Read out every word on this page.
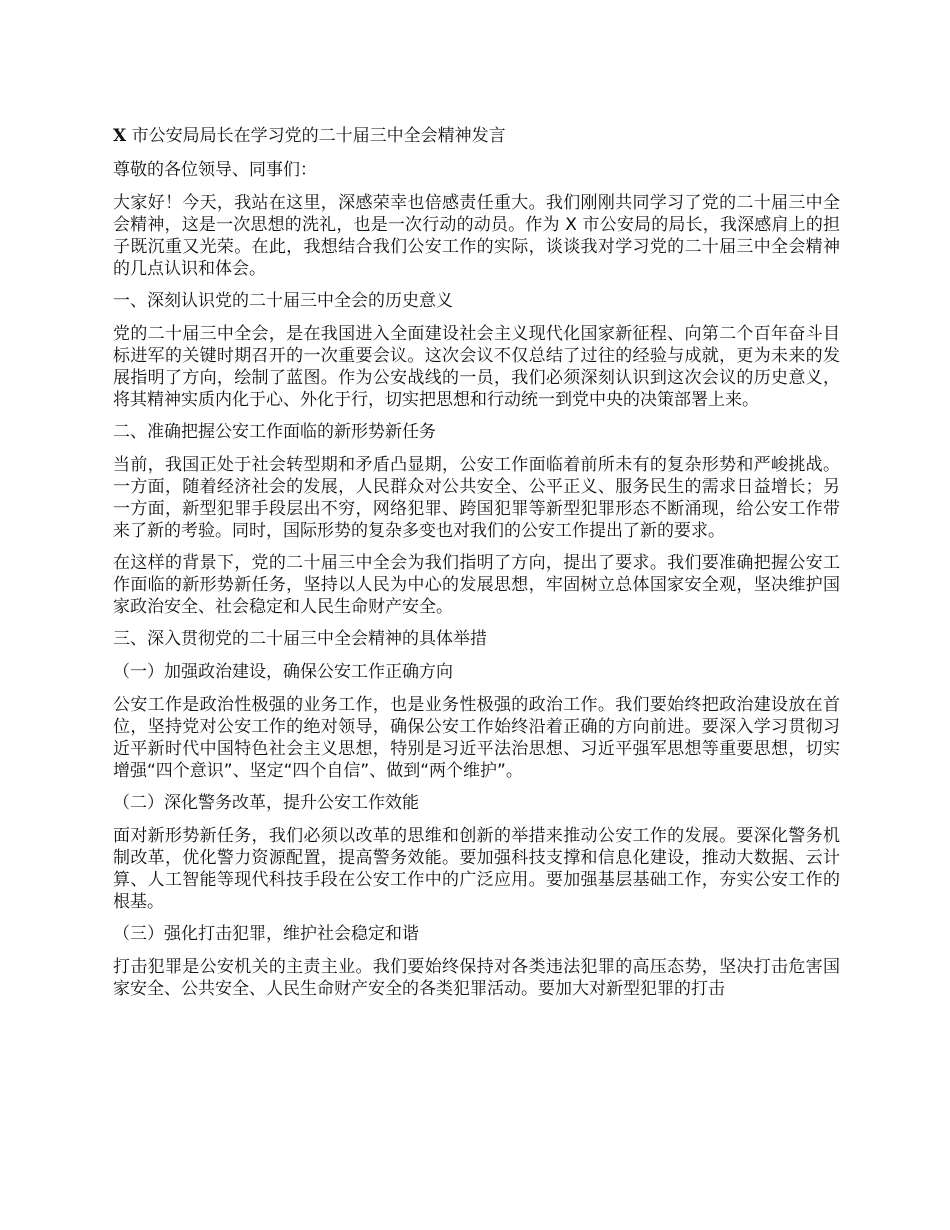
X 市公安局局长在学习党的二十届三中全会精神发言

尊敬的各位领导、同事们：

大家好！今天，我站在这里，深感荣幸也倍感责任重大。我们刚刚共同学习了党的二十届三中全会精神，这是一次思想的洗礼，也是一次行动的动员。作为 X 市公安局的局长，我深感肩上的担子既沉重又光荣。在此，我想结合我们公安工作的实际，谈谈我对学习党的二十届三中全会精神的几点认识和体会。

一、深刻认识党的二十届三中全会的历史意义

党的二十届三中全会，是在我国进入全面建设社会主义现代化国家新征程、向第二个百年奋斗目标进军的关键时期召开的一次重要会议。这次会议不仅总结了过往的经验与成就，更为未来的发展指明了方向，绘制了蓝图。作为公安战线的一员，我们必须深刻认识到这次会议的历史意义，将其精神实质内化于心、外化于行，切实把思想和行动统一到党中央的决策部署上来。

二、准确把握公安工作面临的新形势新任务

当前，我国正处于社会转型期和矛盾凸显期，公安工作面临着前所未有的复杂形势和严峻挑战。一方面，随着经济社会的发展，人民群众对公共安全、公平正义、服务民生的需求日益增长；另一方面，新型犯罪手段层出不穷，网络犯罪、跨国犯罪等新型犯罪形态不断涌现，给公安工作带来了新的考验。同时，国际形势的复杂多变也对我们的公安工作提出了新的要求。

在这样的背景下，党的二十届三中全会为我们指明了方向，提出了要求。我们要准确把握公安工作面临的新形势新任务，坚持以人民为中心的发展思想，牢固树立总体国家安全观，坚决维护国家政治安全、社会稳定和人民生命财产安全。

三、深入贯彻党的二十届三中全会精神的具体举措

（一）加强政治建设，确保公安工作正确方向

公安工作是政治性极强的业务工作，也是业务性极强的政治工作。我们要始终把政治建设放在首位，坚持党对公安工作的绝对领导，确保公安工作始终沿着正确的方向前进。要深入学习贯彻习近平新时代中国特色社会主义思想，特别是习近平法治思想、习近平强军思想等重要思想，切实增强“四个意识”、坚定“四个自信”、做到“两个维护”。

（二）深化警务改革，提升公安工作效能

面对新形势新任务，我们必须以改革的思维和创新的举措来推动公安工作的发展。要深化警务机制改革，优化警力资源配置，提高警务效能。要加强科技支撑和信息化建设，推动大数据、云计算、人工智能等现代科技手段在公安工作中的广泛应用。要加强基层基础工作，夯实公安工作的根基。

（三）强化打击犯罪，维护社会稳定和谐

打击犯罪是公安机关的主责主业。我们要始终保持对各类违法犯罪的高压态势，坚决打击危害国家安全、公共安全、人民生命财产安全的各类犯罪活动。要加大对新型犯罪的打击
